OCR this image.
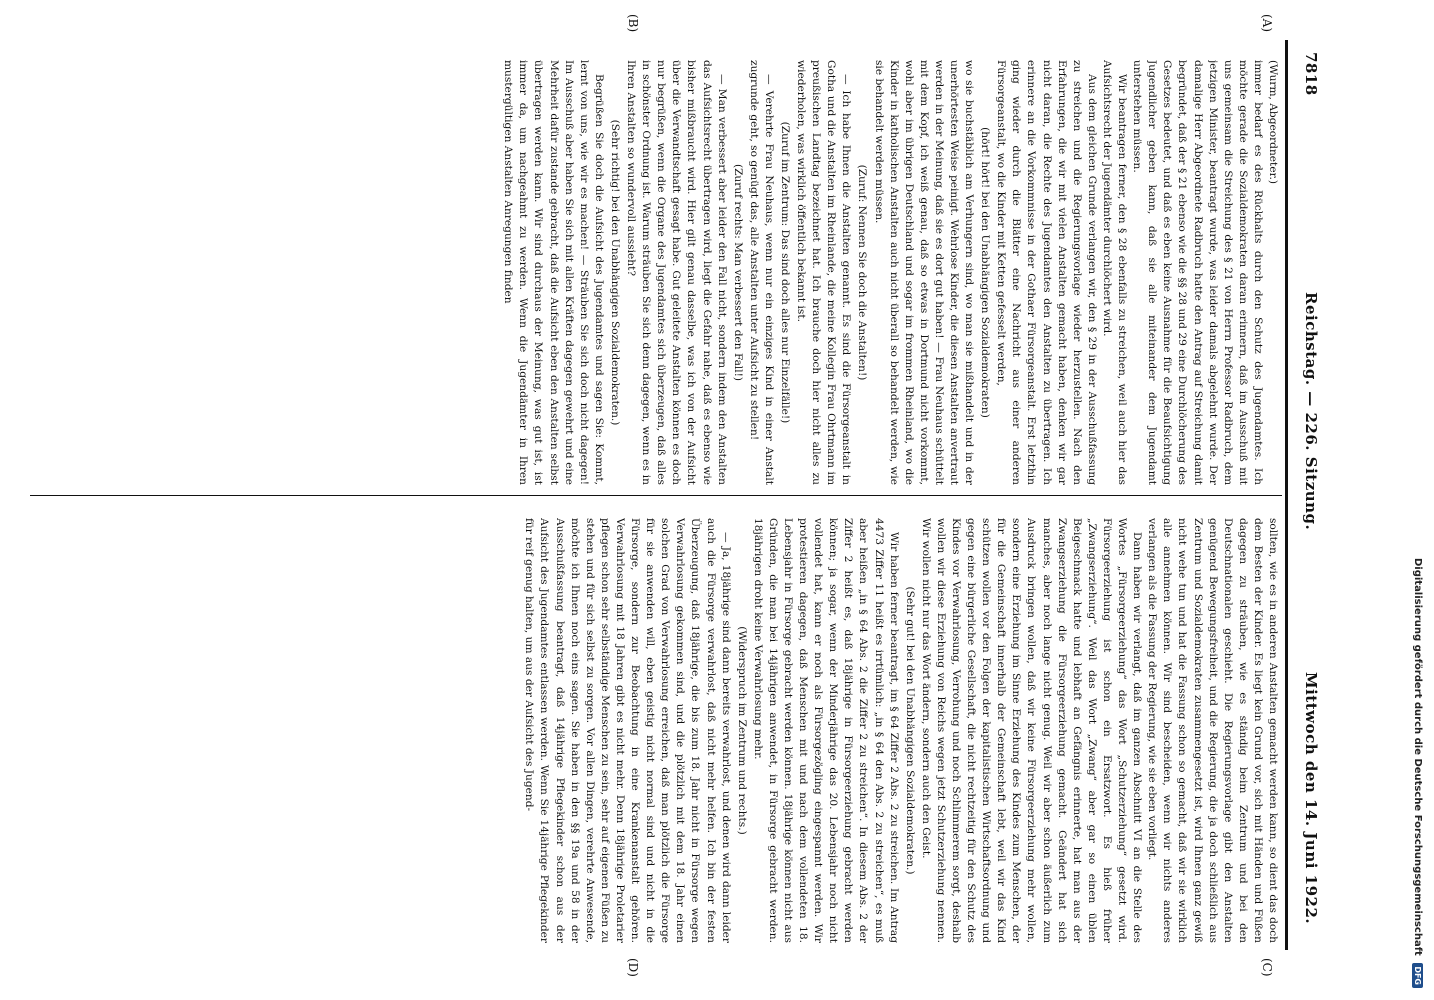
7818
Reichstag. — 226. Sitzung.
Mittwoch den 14. Juni 1922.
(A)
(B)
(C)
(D)

(Wurm, Abgeordneter.)

immer bedarf es des Rückhalts durch den Schutz des Jugendamtes. Ich möchte gerade die Sozialdemokraten daran erinnern, daß im Ausschuß mit uns gemeinsam die Streichung des § 21 von Herrn Professor Radbruch, dem jetzigen Minister, beantragt wurde, was leider damals abgelehnt wurde. Der damalige Herr Abgeordnete Radbruch hatte den Antrag auf Streichung damit begründet, daß der § 21 ebenso wie die §§ 28 und 29 eine Durchlöcherung des Gesetzes bedeutet, und daß es eben keine Ausnahme für die Beaufsichtigung Jugendlicher geben kann, daß sie alle miteinander dem Jugendamt unterstehen müssen.

Wir beantragen ferner, den § 28 ebenfalls zu streichen, weil auch hier das Aufsichtsrecht der Jugendämter durchlöchert wird.

Aus dem gleichen Grunde verlangen wir, den § 29 in der Ausschußfassung zu streichen und die Regierungsvorlage wieder herzustellen. Nach den Erfahrungen, die wir mit vielen Anstalten gemacht haben, denken wir gar nicht daran, die Rechte des Jugendamtes den Anstalten zu übertragen. Ich erinnere an die Vorkommnisse in der Gothaer Fürsorgeanstalt. Erst letzthin ging wieder durch die Blätter eine Nachricht aus einer anderen Fürsorgeanstalt, wo die Kinder mit Ketten gefesselt werden,

(hört! hört! bei den Unabhängigen Sozialdemokraten)

wo sie buchstäblich am Verhungern sind, wo man sie mißhandelt und in der unerhörtesten Weise peinigt. Wehrlose Kinder, die diesen Anstalten anvertraut werden in der Meinung, daß sie es dort gut haben! — Frau Neuhaus schüttelt mit dem Kopf, ich weiß genau, daß so etwas in Dortmund nicht vorkommt, wohl aber im übrigen Deutschland und sogar im frommen Rheinland, wo die Kinder in katholischen Anstalten auch nicht überall so behandelt werden, wie sie behandelt werden müssen.

(Zuruf: Nennen Sie doch die Anstalten!)

— Ich habe Ihnen die Anstalten genannt. Es sind die Fürsorgeanstalt in Gotha und die Anstalten im Rheinlande, die meine Kollegin Frau Ohrtmann im preußischen Landtag bezeichnet hat. Ich brauche doch hier nicht alles zu wiederholen, was wirklich öffentlich bekannt ist.

(Zuruf im Zentrum: Das sind doch alles nur Einzelfälle!)

— Verehrte Frau Neuhaus, wenn nur ein einziges Kind in einer Anstalt zugrunde geht, so genügt das, alle Anstalten unter Aufsicht zu stellen!

(Zuruf rechts: Man verbessert den Fall!)

— Man verbessert aber leider den Fall nicht, sondern indem den Anstalten das Aufsichtsrecht übertragen wird, liegt die Gefahr nahe, daß es ebenso wie bisher mißbraucht wird. Hier gilt genau dasselbe, was ich von der Aufsicht über die Verwandtschaft gesagt habe. Gut geleitete Anstalten können es doch nur begrüßen, wenn die Organe des Jugendamtes sich überzeugen, daß alles in schönster Ordnung ist. Warum sträuben Sie sich denn dagegen, wenn es in Ihren Anstalten so wundervoll aussieht?

(Sehr richtig! bei den Unabhängigen Sozialdemokraten.)

Begrüßen Sie doch die Aufsicht des Jugendamtes und sagen Sie: Kommt, lernt von uns, wie wir es machen! — Sträuben Sie sich doch nicht dagegen! Im Ausschuß aber haben Sie sich mit allen Kräften dagegen gewehrt und eine Mehrheit dafür zustande gebracht, daß die Aufsicht eben den Anstalten selbst übertragen werden kann. Wir sind durchaus der Meinung, was gut ist, ist immer da, um nachgeahmt zu werden. Wenn die Jugendämter in Ihren mustergültigen Anstalten Anregungen finden

sollten, wie es in anderen Anstalten gemacht werden kann, so dient das doch dem Besten der Kinder. Es liegt kein Grund vor, sich mit Händen und Füßen dagegen zu sträuben, wie es ständig beim Zentrum und bei den Deutschnationalen geschieht. Die Regierungsvorlage gibt den Anstalten genügend Bewegungsfreiheit, und die Regierung, die ja doch schließlich aus Zentrum und Sozialdemokraten zusammengesetzt ist, wird Ihnen ganz gewiß nicht wehe tun und hat die Fassung schon so gemacht, daß wir sie wirklich alle annehmen können. Wir sind bescheiden, wenn wir nichts anderes verlangen als die Fassung der Regierung, wie sie eben vorliegt.

Dann haben wir verlangt, daß im ganzen Abschnitt VI an die Stelle des Wortes „Fürsorgeerziehung“ das Wort „Schutzerziehung“ gesetzt wird. Fürsorgeerziehung ist schon ein Ersatzwort. Es hieß früher „Zwangserziehung“. Weil das Wort „Zwang“ aber gar so einen üblen Beigeschmack hatte und lebhaft an Gefängnis erinnerte, hat man aus der Zwangserziehung die Fürsorgeerziehung gemacht. Geändert hat sich manches, aber noch lange nicht genug. Weil wir aber schon äußerlich zum Ausdruck bringen wollen, daß wir keine Fürsorgeerziehung mehr wollen, sondern eine Erziehung im Sinne Erziehung des Kindes zum Menschen, der für die Gemeinschaft innerhalb der Gemeinschaft lebt, weil wir das Kind schützen wollen vor den Folgen der kapitalistischen Wirtschaftsordnung und gegen eine bürgerliche Gesellschaft, die nicht rechtzeitig für den Schutz des Kindes vor Verwahrlosung, Verrohung und noch Schlimmerem sorgt, deshalb wollen wir diese Erziehung von Reichs wegen jetzt Schutzerziehung nennen. Wir wollen nicht nur das Wort ändern, sondern auch den Geist.

(Sehr gut! bei den Unabhängigen Sozialdemokraten.)

Wir haben ferner beantragt, im § 64 Ziffer 2 Abs. 2 zu streichen. Im Antrag 4473 Ziffer 11 heißt es irrtümlich: „in § 64 den Abs. 2 zu streichen“, es muß aber heißen „in § 64 Abs. 2 die Ziffer 2 zu streichen“. In diesem Abs. 2 der Ziffer 2 heißt es, daß 18jährige in Fürsorgeerziehung gebracht werden können; ja sogar, wenn der Minderjährige das 20. Lebensjahr noch nicht vollendet hat, kann er noch als Fürsorgezögling eingespannt werden. Wir protestieren dagegen, daß Menschen mit und nach dem vollendeten 18. Lebensjahr in Fürsorge gebracht werden können. 18jährige können nicht aus Gründen, die man bei 14jährigen anwendet, in Fürsorge gebracht werden. 18jährigen droht keine Verwahrlosung mehr.

(Widerspruch im Zentrum und rechts.)

— Ja, 18jährige sind dann bereits verwahrlost, und denen wird dann leider auch die Fürsorge verwahrlost, daß nicht mehr helfen. Ich bin der festen Überzeugung, daß 18jährige, die bis zum 18. Jahr nicht in Fürsorge wegen Verwahrlosung gekommen sind, und die plötzlich mit dem 18. Jahr einen solchen Grad von Verwahrlosung erreichen, daß man plötzlich die Fürsorge für sie anwenden will, eben geistig nicht normal sind und nicht in die Fürsorge, sondern zur Beobachtung in eine Krankenanstalt gehören. Verwahrlosung mit 18 Jahren gibt es nicht mehr. Denn 18jährige Proletarier pflegen schon sehr selbständige Menschen zu sein, sehr auf eigenen Füßen zu stehen und für sich selbst zu sorgen. Vor allen Dingen, verehrte Anwesende, möchte ich Ihnen noch eins sagen. Sie haben in den §§ 19a und 58 in der Ausschußfassung beantragt, daß 14jährige Pflegekinder schon aus der Aufsicht des Jugendamtes entlassen werden. Wenn Sie 14jährige Pflegekinder für reif genug halten, um aus der Aufsicht des Jugend-	Digitalisierung gefördert durch die Deutsche Forschungsgemeinschaft DFG
